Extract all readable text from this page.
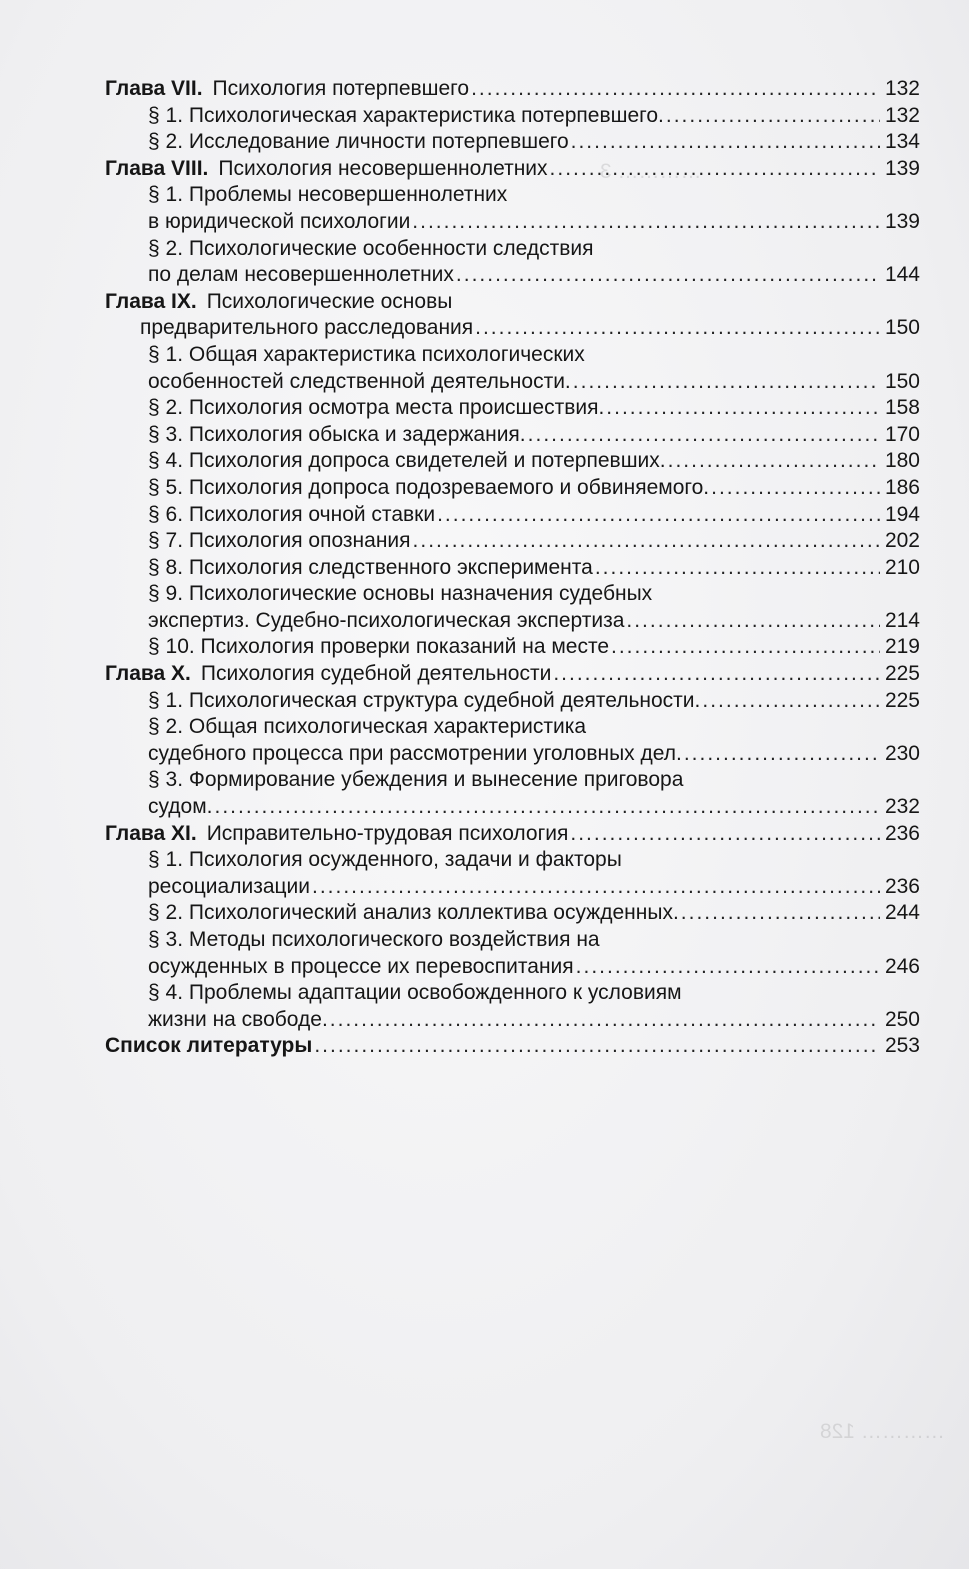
………… 3
………… 128
Глава VII. Психология потерпевшего .....	132
§ 1. Психологическая характеристика потерпевшего. .....	132
§ 2. Исследование личности потерпевшего .....	134
Глава VIII. Психология несовершеннолетних .....	139
§ 1. Проблемы несовершеннолетних
в юридической психологии .....	139
§ 2. Психологические особенности следствия
по делам несовершеннолетних .....	144
Глава IX. Психологические основы
предварительного расследования .....	150
§ 1. Общая характеристика психологических
особенностей следственной деятельности. .....	150
§ 2. Психология осмотра места происшествия. .....	158
§ 3. Психология обыска и задержания. .....	170
§ 4. Психология допроса свидетелей и потерпевших. .....	180
§ 5. Психология допроса подозреваемого и обвиняемого. .....	186
§ 6. Психология очной ставки .....	194
§ 7. Психология опознания .....	202
§ 8. Психология следственного эксперимента .....	210
§ 9. Психологические основы назначения судебных
экспертиз. Судебно-психологическая экспертиза .....	214
§ 10. Психология проверки показаний на месте .....	219
Глава X. Психология судебной деятельности .....	225
§ 1. Психологическая структура судебной деятельности. .....	225
§ 2. Общая психологическая характеристика
судебного процесса при рассмотрении уголовных дел. .....	230
§ 3. Формирование убеждения и вынесение приговора
судом. .....	232
Глава XI. Исправительно-трудовая психология .....	236
§ 1. Психология осужденного, задачи и факторы
ресоциализации .....	236
§ 2. Психологический анализ коллектива осужденных. .....	244
§ 3. Методы психологического воздействия на
осужденных в процессе их перевоспитания .....	246
§ 4. Проблемы адаптации освобожденного к условиям
жизни на свободе. .....	250
Список литературы .....	253
